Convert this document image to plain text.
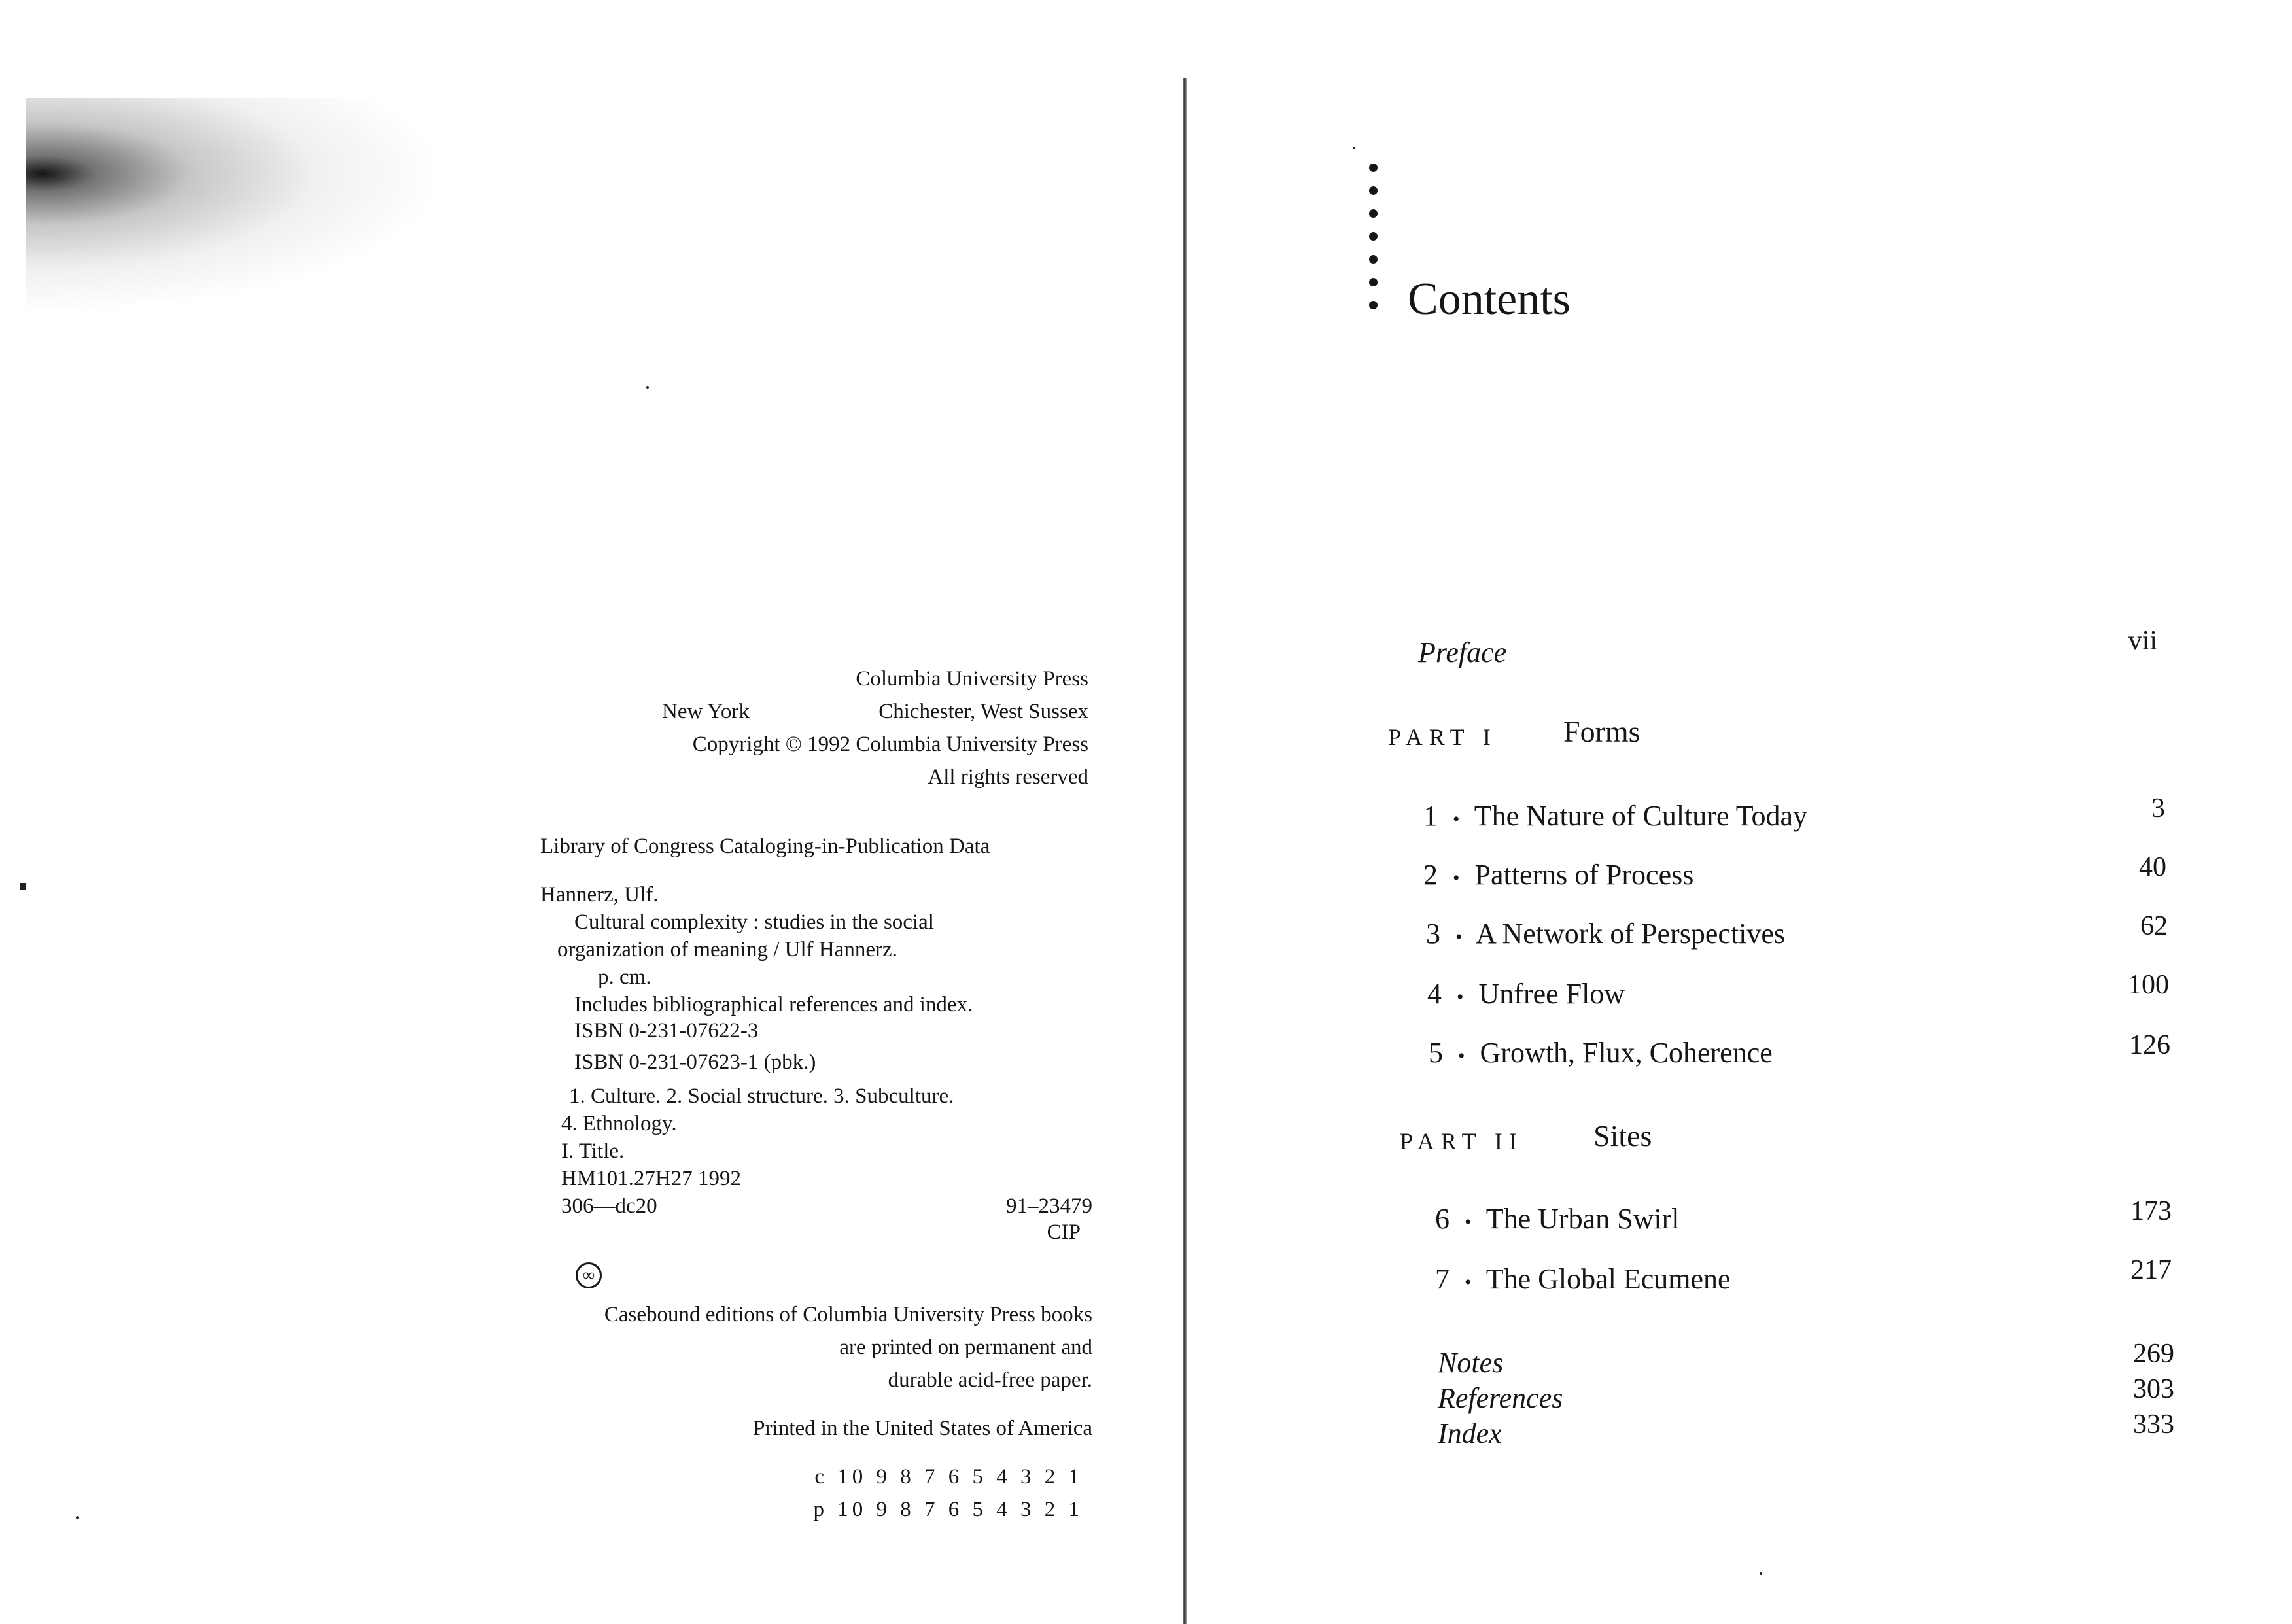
Columbia University Press
New York	Chichester, West Sussex
Copyright © 1992 Columbia University Press
All rights reserved
Library of Congress Cataloging-in-Publication Data
Hannerz, Ulf.
Cultural complexity : studies in the social
organization of meaning / Ulf Hannerz.
p. cm.
Includes bibliographical references and index.
ISBN 0-231-07622-3
ISBN 0-231-07623-1 (pbk.)
1. Culture. 2. Social structure. 3. Subculture.
4. Ethnology.
I. Title.
HM101.27H27 1992
306—dc20	91–23479
CIP
∞
Casebound editions of Columbia University Press books
are printed on permanent and
durable acid-free paper.
Printed in the United States of America
c 10 9 8 7 6 5 4 3 2 1
p 10 9 8 7 6 5 4 3 2 1
Contents
Preface	vii
PART I Forms
1 • The Nature of Culture Today	3
2 • Patterns of Process	40
3 • A Network of Perspectives	62
4 • Unfree Flow	100
5 • Growth, Flux, Coherence	126
PART II Sites
6 • The Urban Swirl	173
7 • The Global Ecumene	217
Notes	269
References	303
Index	333
